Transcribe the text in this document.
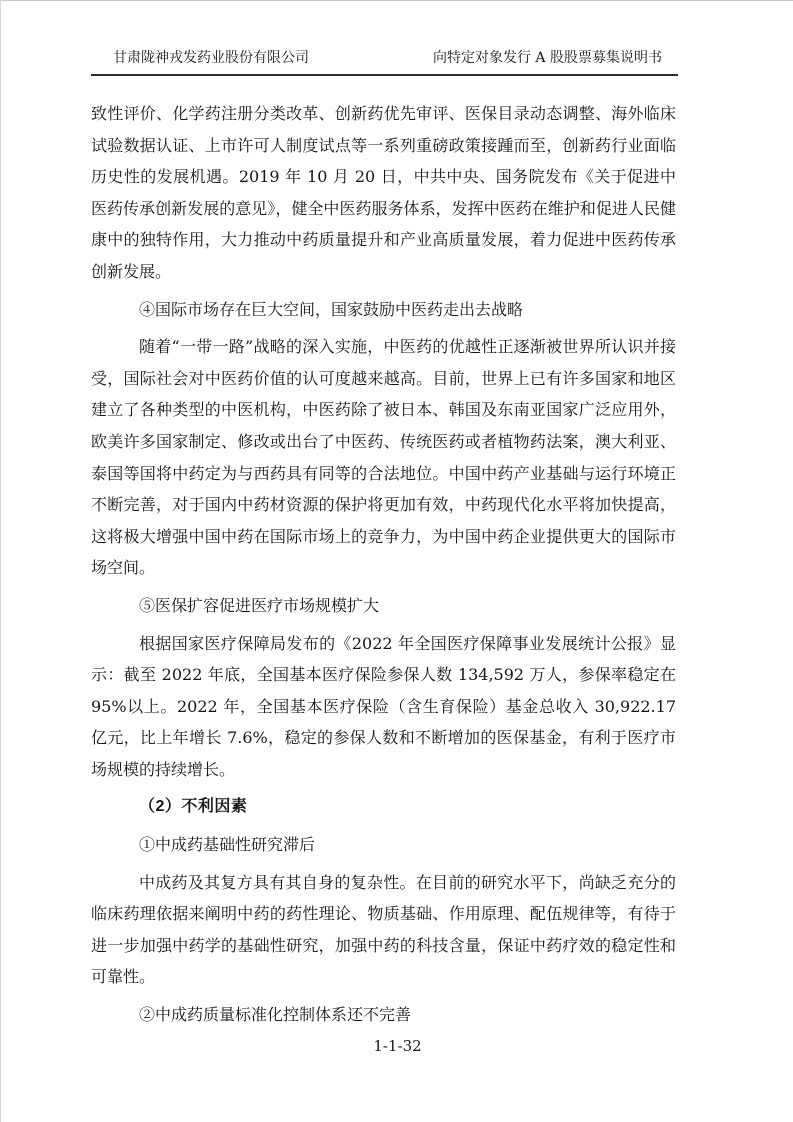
甘肃陇神戎发药业股份有限公司	向特定对象发行 A 股股票募集说明书

致性评价、化学药注册分类改革、创新药优先审评、医保目录动态调整、海外临床试验数据认证、上市许可人制度试点等一系列重磅政策接踵而至，创新药行业面临历史性的发展机遇。2019 年 10 月 20 日，中共中央、国务院发布《关于促进中医药传承创新发展的意见》，健全中医药服务体系，发挥中医药在维护和促进人民健康中的独特作用，大力推动中药质量提升和产业高质量发展，着力促进中医药传承创新发展。

④国际市场存在巨大空间，国家鼓励中医药走出去战略

随着“一带一路”战略的深入实施，中医药的优越性正逐渐被世界所认识并接受，国际社会对中医药价值的认可度越来越高。目前，世界上已有许多国家和地区建立了各种类型的中医机构，中医药除了被日本、韩国及东南亚国家广泛应用外，欧美许多国家制定、修改或出台了中医药、传统医药或者植物药法案，澳大利亚、泰国等国将中药定为与西药具有同等的合法地位。中国中药产业基础与运行环境正不断完善，对于国内中药材资源的保护将更加有效，中药现代化水平将加快提高，这将极大增强中国中药在国际市场上的竞争力，为中国中药企业提供更大的国际市场空间。

⑤医保扩容促进医疗市场规模扩大

根据国家医疗保障局发布的《2022 年全国医疗保障事业发展统计公报》显示：截至 2022 年底，全国基本医疗保险参保人数 134,592 万人，参保率稳定在95%以上。2022 年，全国基本医疗保险（含生育保险）基金总收入 30,922.17 亿元，比上年增长 7.6%，稳定的参保人数和不断增加的医保基金，有利于医疗市场规模的持续增长。

（2）不利因素

①中成药基础性研究滞后

中成药及其复方具有其自身的复杂性。在目前的研究水平下，尚缺乏充分的临床药理依据来阐明中药的药性理论、物质基础、作用原理、配伍规律等，有待于进一步加强中药学的基础性研究，加强中药的科技含量，保证中药疗效的稳定性和可靠性。

②中成药质量标准化控制体系还不完善

1-1-32
